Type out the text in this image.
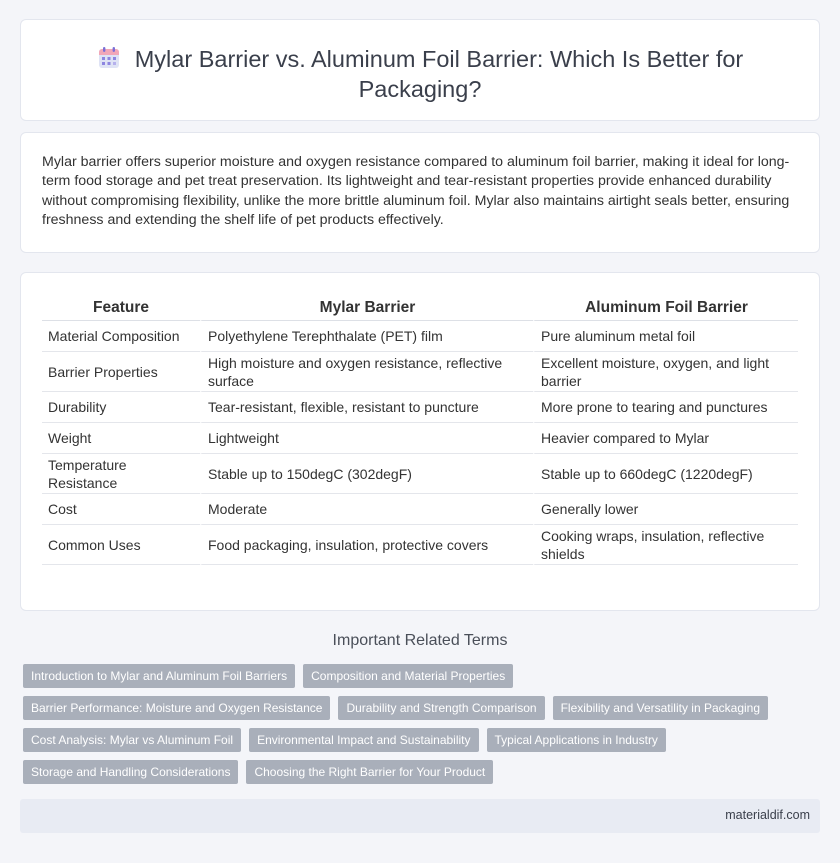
Mylar Barrier vs. Aluminum Foil Barrier: Which Is Better for Packaging?

Mylar barrier offers superior moisture and oxygen resistance compared to aluminum foil barrier, making it ideal for long-term food storage and pet treat preservation. Its lightweight and tear-resistant properties provide enhanced durability without compromising flexibility, unlike the more brittle aluminum foil. Mylar also maintains airtight seals better, ensuring freshness and extending the shelf life of pet products effectively.

Feature	Mylar Barrier	Aluminum Foil Barrier
Material Composition	Polyethylene Terephthalate (PET) film	Pure aluminum metal foil
Barrier Properties	High moisture and oxygen resistance, reflective surface	Excellent moisture, oxygen, and light barrier
Durability	Tear-resistant, flexible, resistant to puncture	More prone to tearing and punctures
Weight	Lightweight	Heavier compared to Mylar
Temperature Resistance	Stable up to 150degC (302degF)	Stable up to 660degC (1220degF)
Cost	Moderate	Generally lower
Common Uses	Food packaging, insulation, protective covers	Cooking wraps, insulation, reflective shields
Important Related Terms
Introduction to Mylar and Aluminum Foil Barriers	Composition and Material Properties
Barrier Performance: Moisture and Oxygen Resistance	Durability and Strength Comparison	Flexibility and Versatility in Packaging
Cost Analysis: Mylar vs Aluminum Foil	Environmental Impact and Sustainability	Typical Applications in Industry
Storage and Handling Considerations	Choosing the Right Barrier for Your Product
materialdif.com
